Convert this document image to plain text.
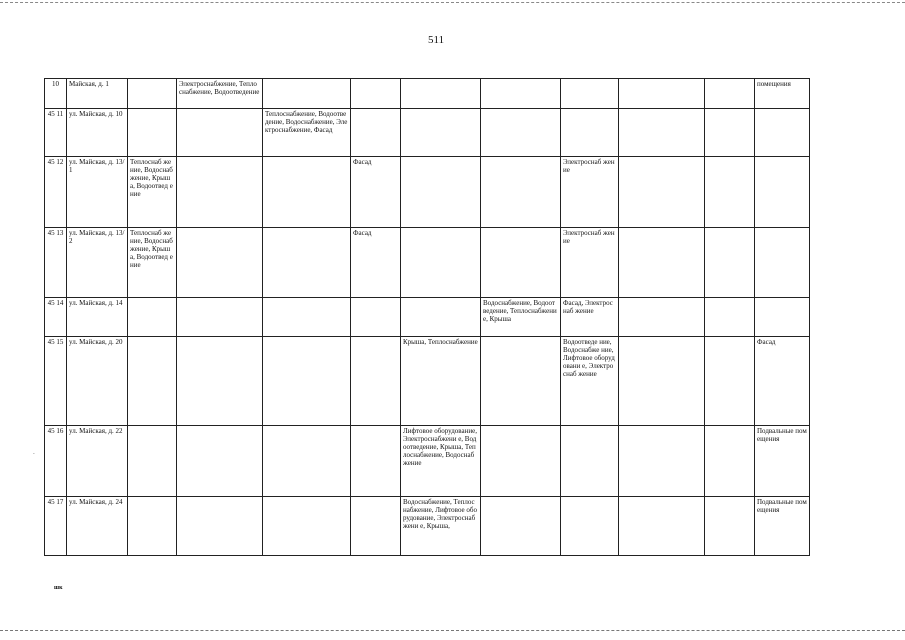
511
-
10	Майская, д. 1		Электроснабжение, Теплоснабжение, Водоотведение								помещения
45 11	ул. Майская, д. 10			Теплоснабжение, Водоотведение, Водоснабжение, Электроснабжение, Фасад							
45 12	ул. Майская, д. 13/1	Теплоснаб жение, Водоснаб жение, Крыша, Водоотвед ение			Фасад			Электроснаб жение			
45 13	ул. Майская, д. 13/2	Теплоснаб жение, Водоснаб жение, Крыша, Водоотвед ение			Фасад			Электроснаб жение			
45 14	ул. Майская, д. 14						Водоснабжение, Водоотведение, Теплоснабжение, Крыша	Фасад, Электроснаб жение			
45 15	ул. Майская, д. 20					Крыша, Теплоснабжение		Водоотведе ние, Водоснабже ние, Лифтовое оборудовани е, Электроснаб жение			Фасад
45 16	ул. Майская, д. 22					Лифтовое оборудование, Электроснабжени е, Водоотведение, Крыша, Теплоснабжение, Водоснабжение					Подвальные помещения
45 17	ул. Майская, д. 24					Водоснабжение, Теплоснабжение, Лифтовое оборудование, Электроснабжени е, Крыша,					Подвальные помещения
шк
